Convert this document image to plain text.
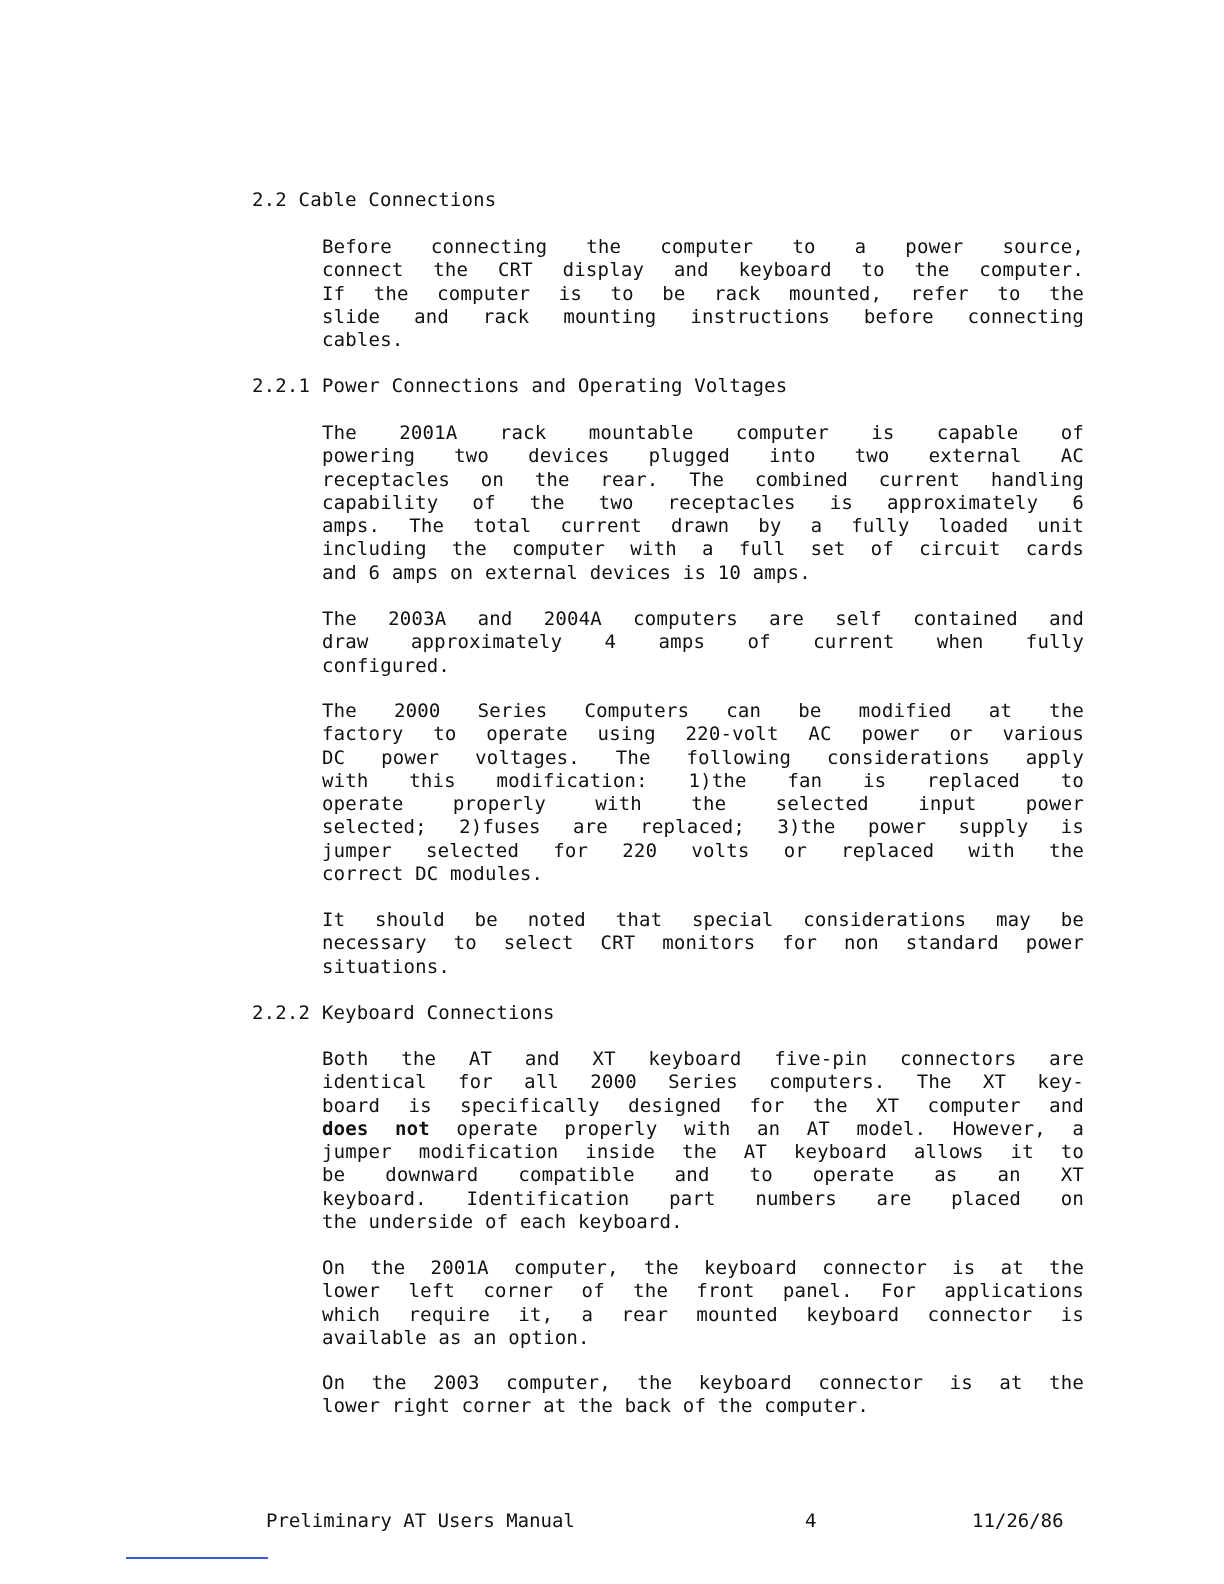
2.2 Cable Connections
Before connecting the computer to a power source,
connect the CRT display and keyboard to the computer.
If the computer is to be rack mounted, refer to the
slide and rack mounting instructions before connecting
cables.
2.2.1 Power Connections and Operating Voltages
The 2001A rack mountable computer is capable of
powering two devices plugged into two external AC
receptacles on the rear. The combined current handling
capability of the two receptacles is approximately 6
amps. The total current drawn by a fully loaded unit
including the computer with a full set of circuit cards
and 6 amps on external devices is 10 amps.
The 2003A and 2004A computers are self contained and
draw approximately 4 amps of current when fully
configured.
The 2000 Series Computers can be modified at the
factory to operate using 220-volt AC power or various
DC power voltages. The following considerations apply
with this modification: 1)the fan is replaced to
operate properly with the selected input power
selected; 2)fuses are replaced; 3)the power supply is
jumper selected for 220 volts or replaced with the
correct DC modules.
It should be noted that special considerations may be
necessary to select CRT monitors for non standard power
situations.
2.2.2 Keyboard Connections
Both the AT and XT keyboard five-pin connectors are
identical for all 2000 Series computers. The XT key-
board is specifically designed for the XT computer and
does not operate properly with an AT model. However, a
jumper modification inside the AT keyboard allows it to
be downward compatible and to operate as an XT
keyboard. Identification part numbers are placed on
the underside of each keyboard.
On the 2001A computer, the keyboard connector is at the
lower left corner of the front panel. For applications
which require it, a rear mounted keyboard connector is
available as an option.
On the 2003 computer, the keyboard connector is at the
lower right corner at the back of the computer.
Preliminary AT Users Manual	4	11/26/86
